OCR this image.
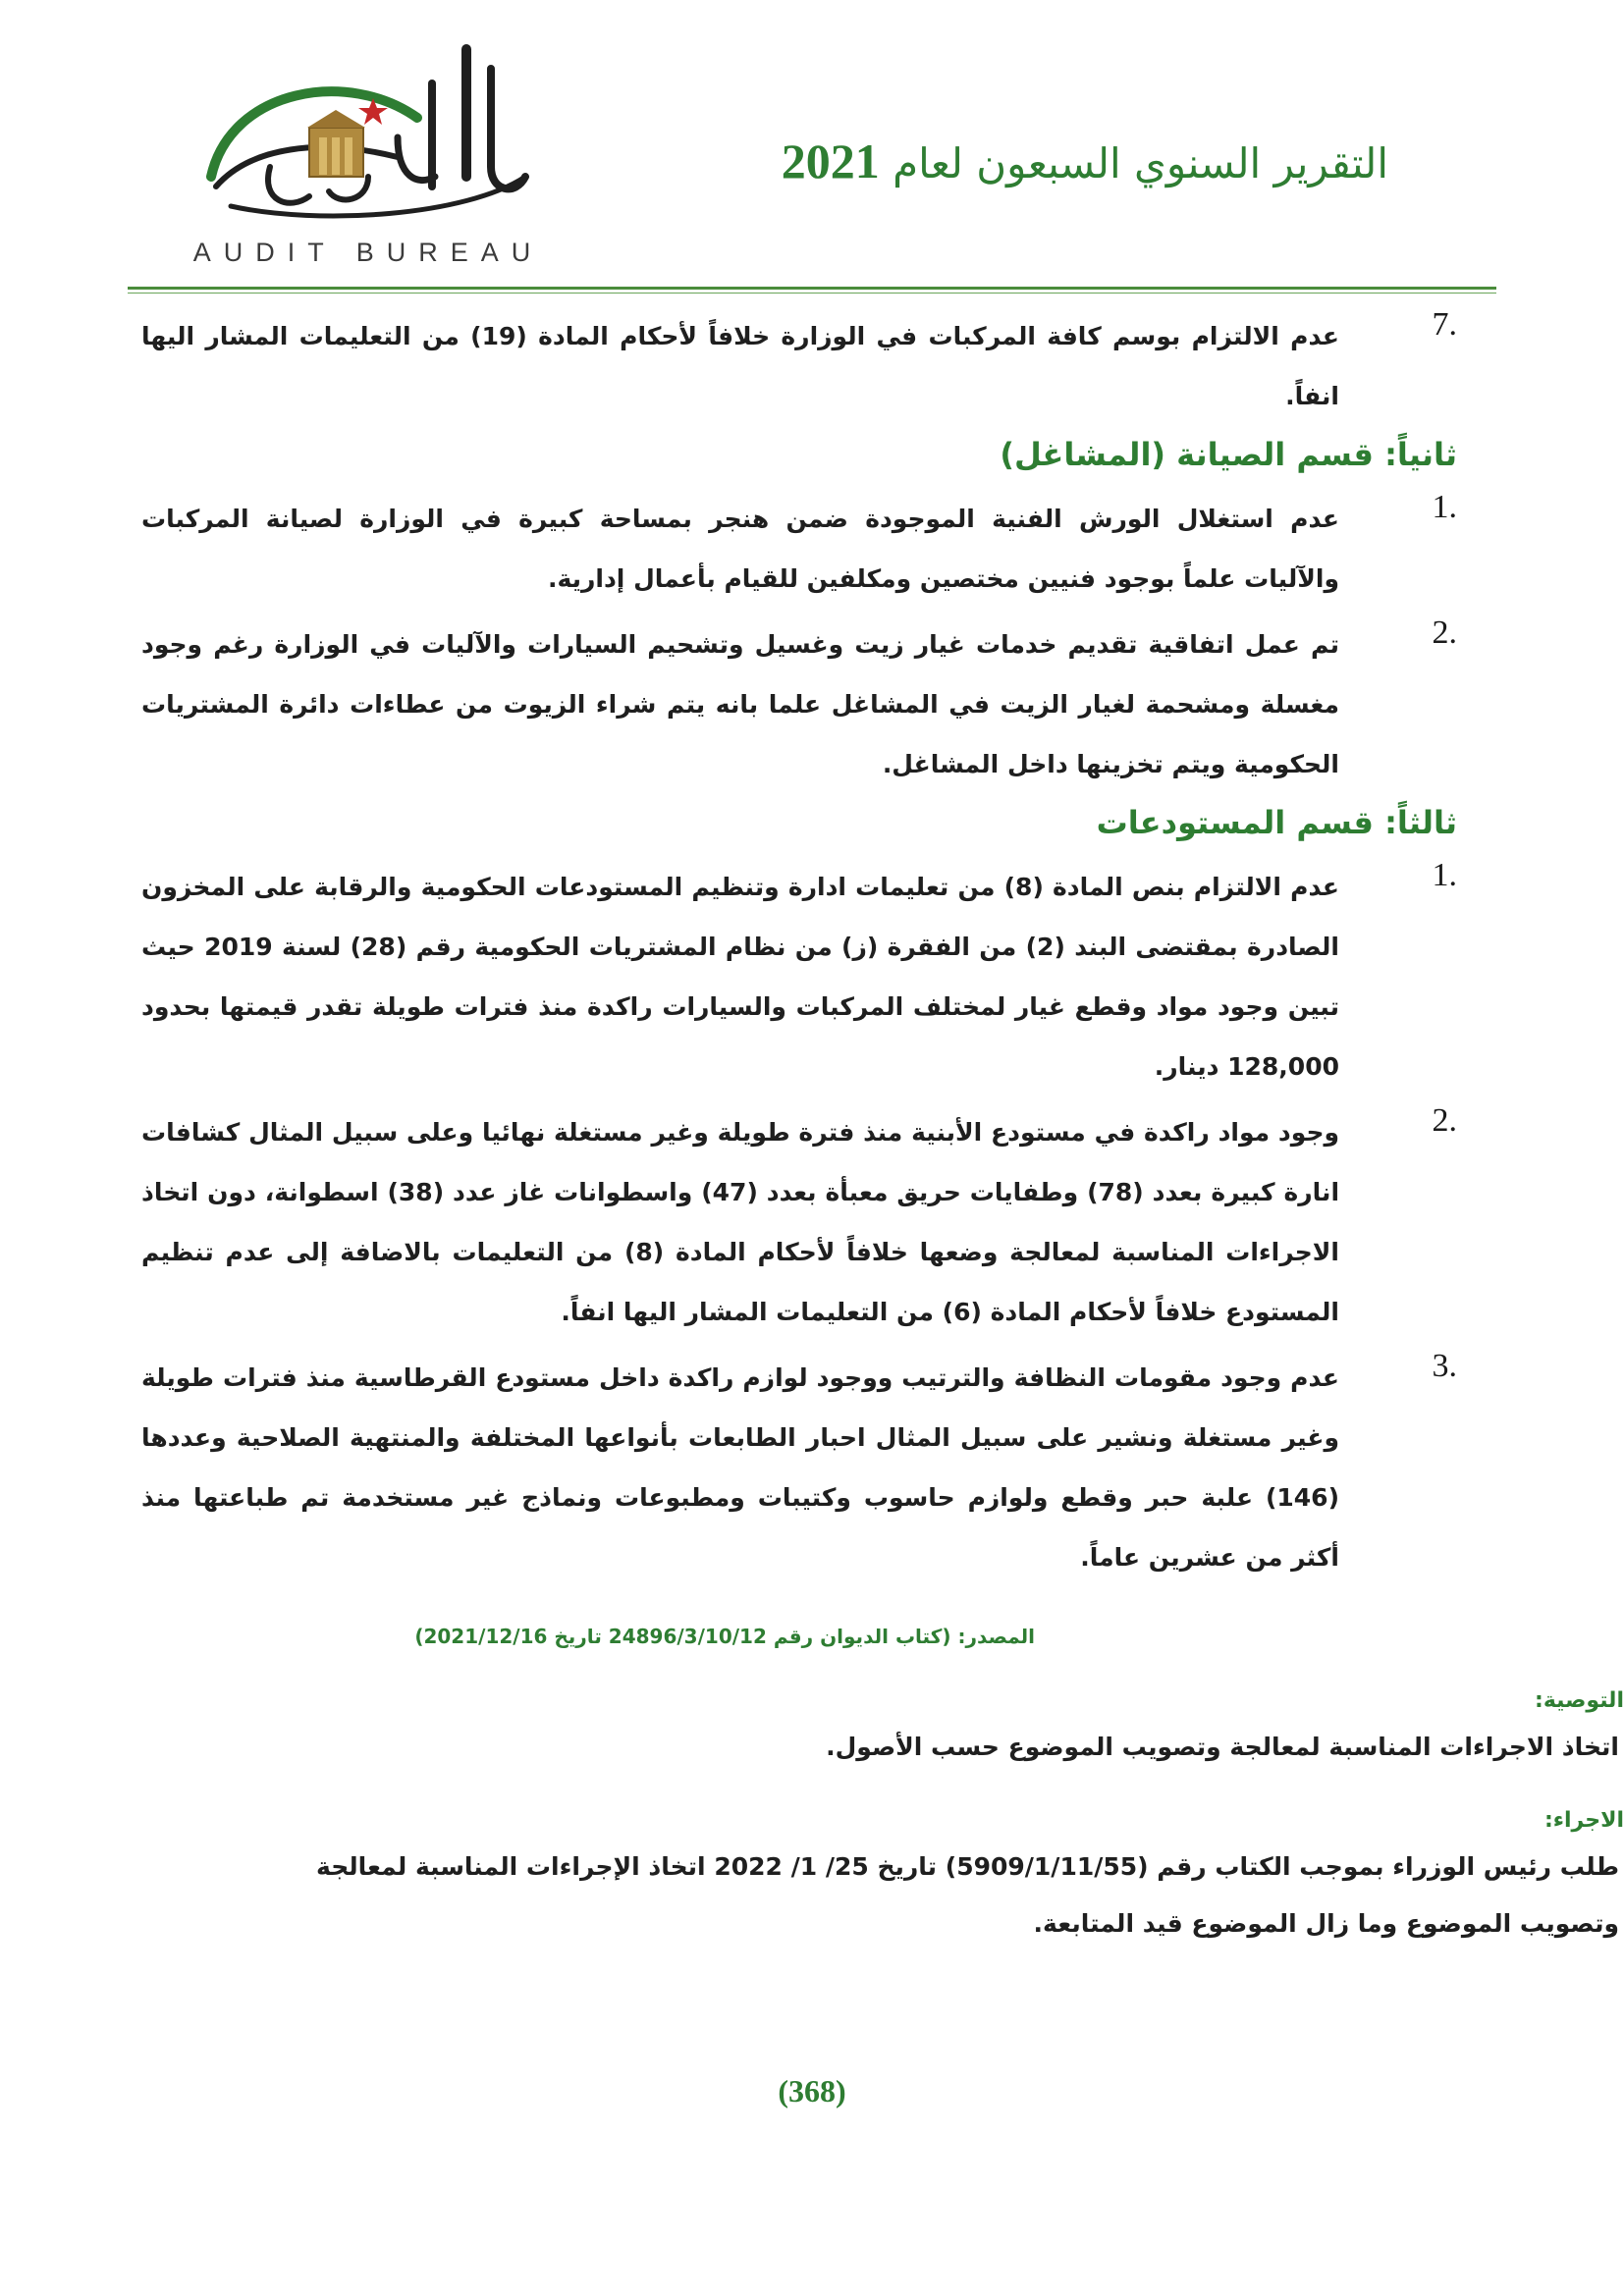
AUDIT BUREAU
التقرير السنوي السبعون لعام 2021
7.
عدم الالتزام بوسم كافة المركبات في الوزارة خلافاً لأحكام المادة (19) من التعليمات المشار اليها انفاً.
ثانياً: قسم الصيانة (المشاغل)
1.
عدم استغلال الورش الفنية الموجودة ضمن هنجر بمساحة كبيرة في الوزارة لصيانة المركبات والآليات علماً بوجود فنيين مختصين ومكلفين للقيام بأعمال إدارية.
2.
تم عمل اتفاقية تقديم خدمات غيار زيت وغسيل وتشحيم السيارات والآليات في الوزارة رغم وجود مغسلة ومشحمة لغيار الزيت في المشاغل علما بانه يتم شراء الزيوت من عطاءات دائرة المشتريات الحكومية ويتم تخزينها داخل المشاغل.
ثالثاً: قسم المستودعات
1.
عدم الالتزام بنص المادة (8) من تعليمات ادارة وتنظيم المستودعات الحكومية والرقابة على المخزون الصادرة بمقتضى البند (2) من الفقرة (ز) من نظام المشتريات الحكومية رقم (28) لسنة 2019 حيث تبين وجود مواد وقطع غيار لمختلف المركبات والسيارات راكدة منذ فترات طويلة تقدر قيمتها بحدود 128,000 دينار.
2.
وجود مواد راكدة في مستودع الأبنية منذ فترة طويلة وغير مستغلة نهائيا وعلى سبيل المثال كشافات انارة كبيرة بعدد (78) وطفايات حريق معبأة بعدد (47) واسطوانات غاز عدد (38) اسطوانة، دون اتخاذ الاجراءات المناسبة لمعالجة وضعها خلافاً لأحكام المادة (8) من التعليمات بالاضافة إلى عدم تنظيم المستودع خلافاً لأحكام المادة (6) من التعليمات المشار اليها انفاً.
3.
عدم وجود مقومات النظافة والترتيب ووجود لوازم راكدة داخل مستودع القرطاسية منذ فترات طويلة وغير مستغلة ونشير على سبيل المثال احبار الطابعات بأنواعها المختلفة والمنتهية الصلاحية وعددها (146) علبة حبر وقطع ولوازم حاسوب وكتيبات ومطبوعات ونماذج غير مستخدمة تم طباعتها منذ أكثر من عشرين عاماً.
المصدر: (كتاب الديوان رقم 24896/3/10/12 تاريخ 2021/12/16)
التوصية:
اتخاذ الاجراءات المناسبة لمعالجة وتصويب الموضوع حسب الأصول.
الاجراء:
طلب رئيس الوزراء بموجب الكتاب رقم (5909/1/11/55) تاريخ 25/ 1/ 2022 اتخاذ الإجراءات المناسبة لمعالجة وتصويب الموضوع وما زال الموضوع قيد المتابعة.
(368)
